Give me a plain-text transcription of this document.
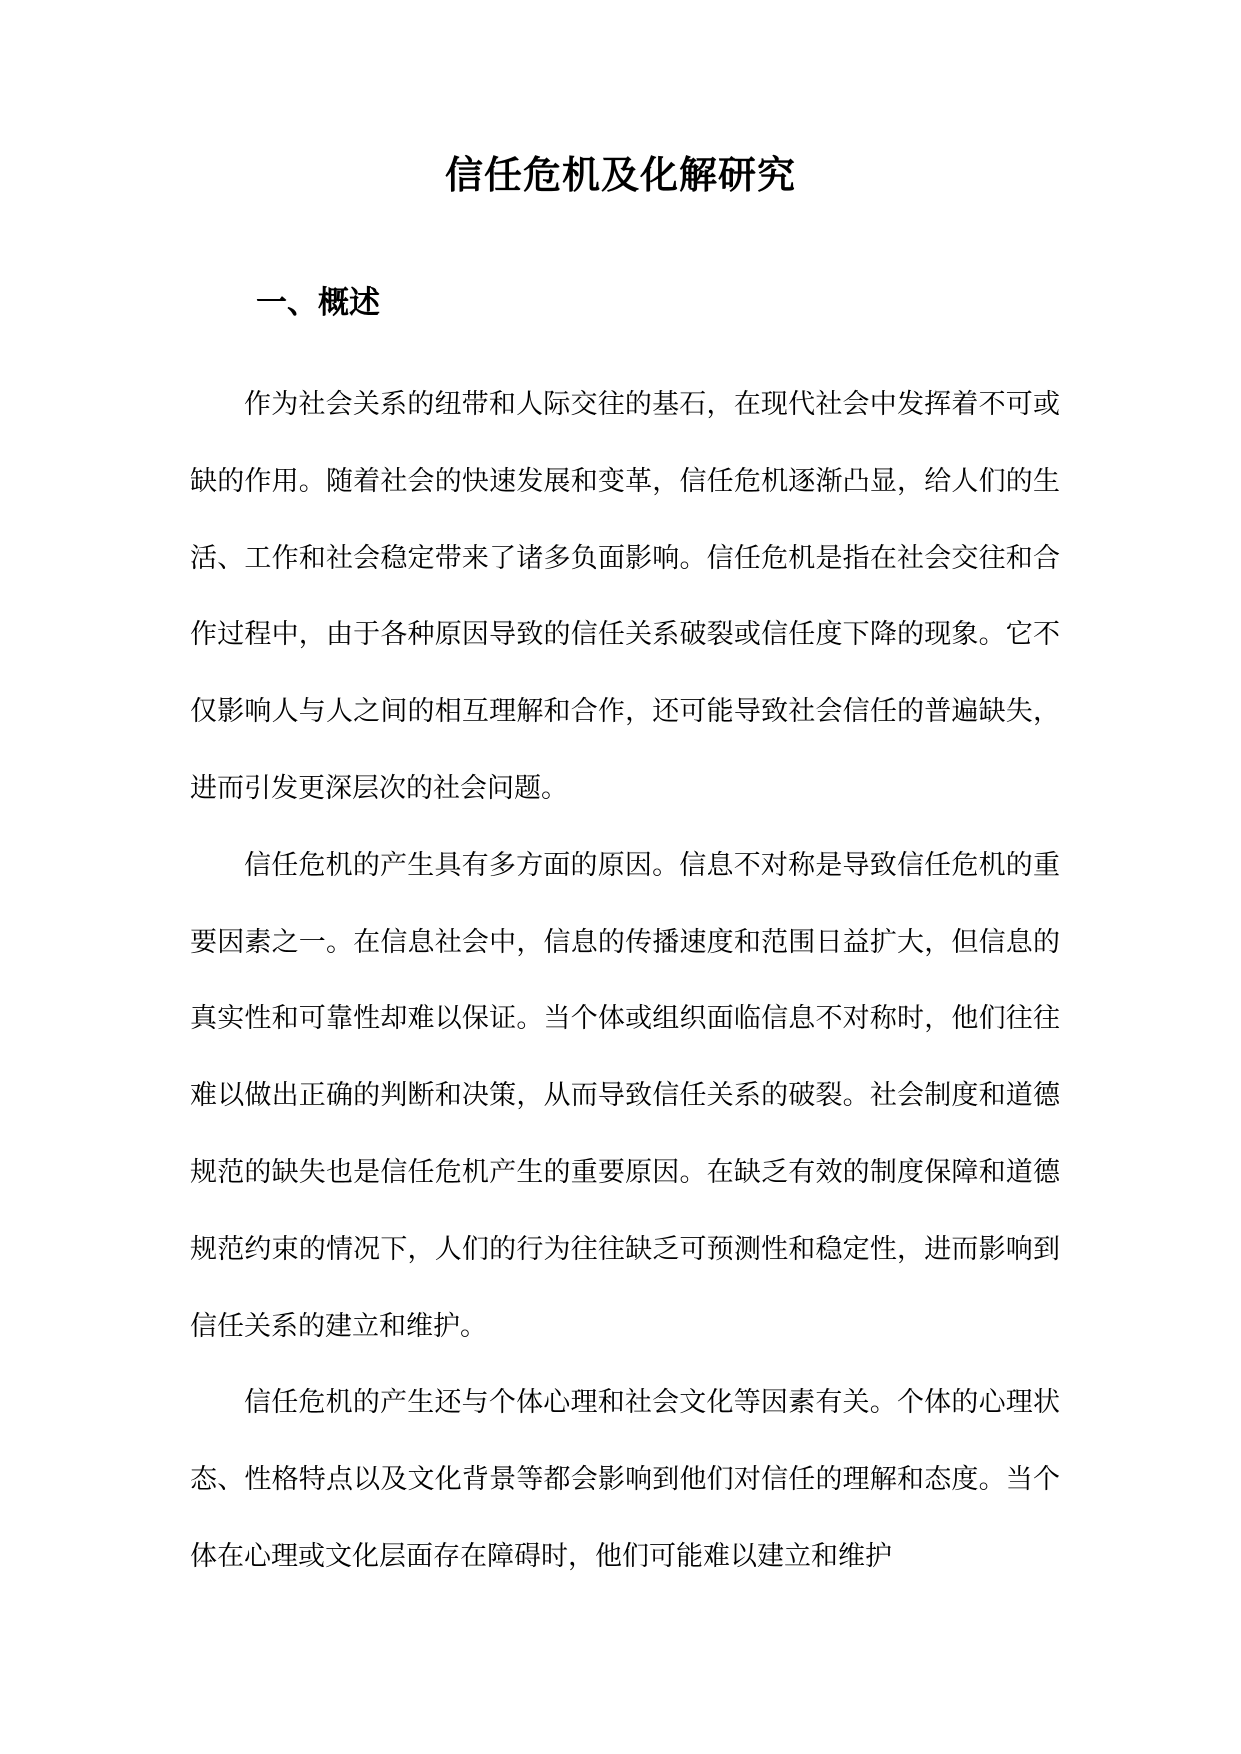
信任危机及化解研究
一、概述

作为社会关系的纽带和人际交往的基石，在现代社会中发挥着不可或缺的作用。随着社会的快速发展和变革，信任危机逐渐凸显，给人们的生活、工作和社会稳定带来了诸多负面影响。信任危机是指在社会交往和合作过程中，由于各种原因导致的信任关系破裂或信任度下降的现象。它不仅影响人与人之间的相互理解和合作，还可能导致社会信任的普遍缺失，进而引发更深层次的社会问题。

信任危机的产生具有多方面的原因。信息不对称是导致信任危机的重要因素之一。在信息社会中，信息的传播速度和范围日益扩大，但信息的真实性和可靠性却难以保证。当个体或组织面临信息不对称时，他们往往难以做出正确的判断和决策，从而导致信任关系的破裂。社会制度和道德规范的缺失也是信任危机产生的重要原因。在缺乏有效的制度保障和道德规范约束的情况下，人们的行为往往缺乏可预测性和稳定性，进而影响到信任关系的建立和维护。

信任危机的产生还与个体心理和社会文化等因素有关。个体的心理状态、性格特点以及文化背景等都会影响到他们对信任的理解和态度。当个体在心理或文化层面存在障碍时，他们可能难以建立和维护
